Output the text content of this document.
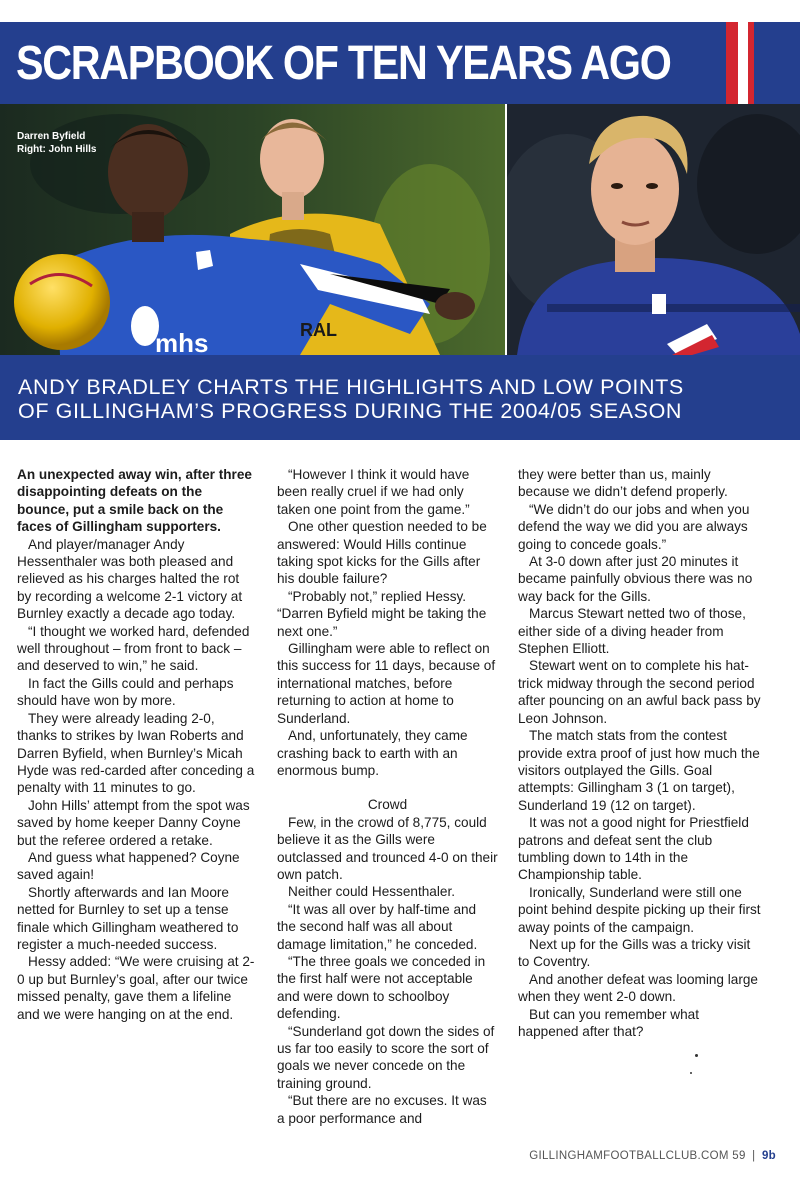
SCRAPBOOK OF TEN YEARS AGO
mhs	RAL
Darren Byfield
Right: John Hills
ANDY BRADLEY CHARTS THE HIGHLIGHTS AND LOW POINTS
OF GILLINGHAM’S PROGRESS DURING THE 2004/05 SEASON

An unexpected away win, after three disappointing defeats on the bounce, put a smile back on the faces of Gillingham supporters.

And player/manager Andy Hessenthaler was both pleased and relieved as his charges halted the rot by recording a welcome 2-1 victory at Burnley exactly a decade ago today.

“I thought we worked hard, defended well throughout – from front to back – and deserved to win,” he said.

In fact the Gills could and perhaps should have won by more.

They were already leading 2-0, thanks to strikes by Iwan Roberts and Darren Byfield, when Burnley’s Micah Hyde was red-carded after conceding a penalty with 11 minutes to go.

John Hills’ attempt from the spot was saved by home keeper Danny Coyne but the referee ordered a retake.

And guess what happened? Coyne saved again!

Shortly afterwards and Ian Moore netted for Burnley to set up a tense finale which Gillingham weathered to register a much-needed success.

Hessy added: “We were cruising at 2-0 up but Burnley’s goal, after our twice missed penalty, gave them a lifeline and we were hanging on at the end.

“However I think it would have been really cruel if we had only taken one point from the game.”

One other question needed to be answered: Would Hills continue taking spot kicks for the Gills after his double failure?

“Probably not,” replied Hessy. “Darren Byfield might be taking the next one.”

Gillingham were able to reflect on this success for 11 days, because of international matches, before returning to action at home to Sunderland.

And, unfortunately, they came crashing back to earth with an enormous bump.

Crowd

Few, in the crowd of 8,775, could believe it as the Gills were outclassed and trounced 4-0 on their own patch.

Neither could Hessenthaler.

“It was all over by half-time and the second half was all about damage limitation,” he conceded.

“The three goals we conceded in the first half were not acceptable and were down to schoolboy defending.

“Sunderland got down the sides of us far too easily to score the sort of goals we never concede on the training ground.

“But there are no excuses. It was a poor performance and

they were better than us, mainly because we didn’t defend properly.

“We didn’t do our jobs and when you defend the way we did you are always going to concede goals.”

At 3-0 down after just 20 minutes it became painfully obvious there was no way back for the Gills.

Marcus Stewart netted two of those, either side of a diving header from Stephen Elliott.

Stewart went on to complete his hat-trick midway through the second period after pouncing on an awful back pass by Leon Johnson.

The match stats from the contest provide extra proof of just how much the visitors outplayed the Gills. Goal attempts: Gillingham 3 (1 on target), Sunderland 19 (12 on target).

It was not a good night for Priestfield patrons and defeat sent the club tumbling down to 14th in the Championship table.

Ironically, Sunderland were still one point behind despite picking up their first away points of the campaign.

Next up for the Gills was a tricky visit to Coventry.

And another defeat was looming large when they went 2-0 down.

But can you remember what happened after that?

GILLINGHAMFOOTBALLCLUB.COM 59 | 9b
